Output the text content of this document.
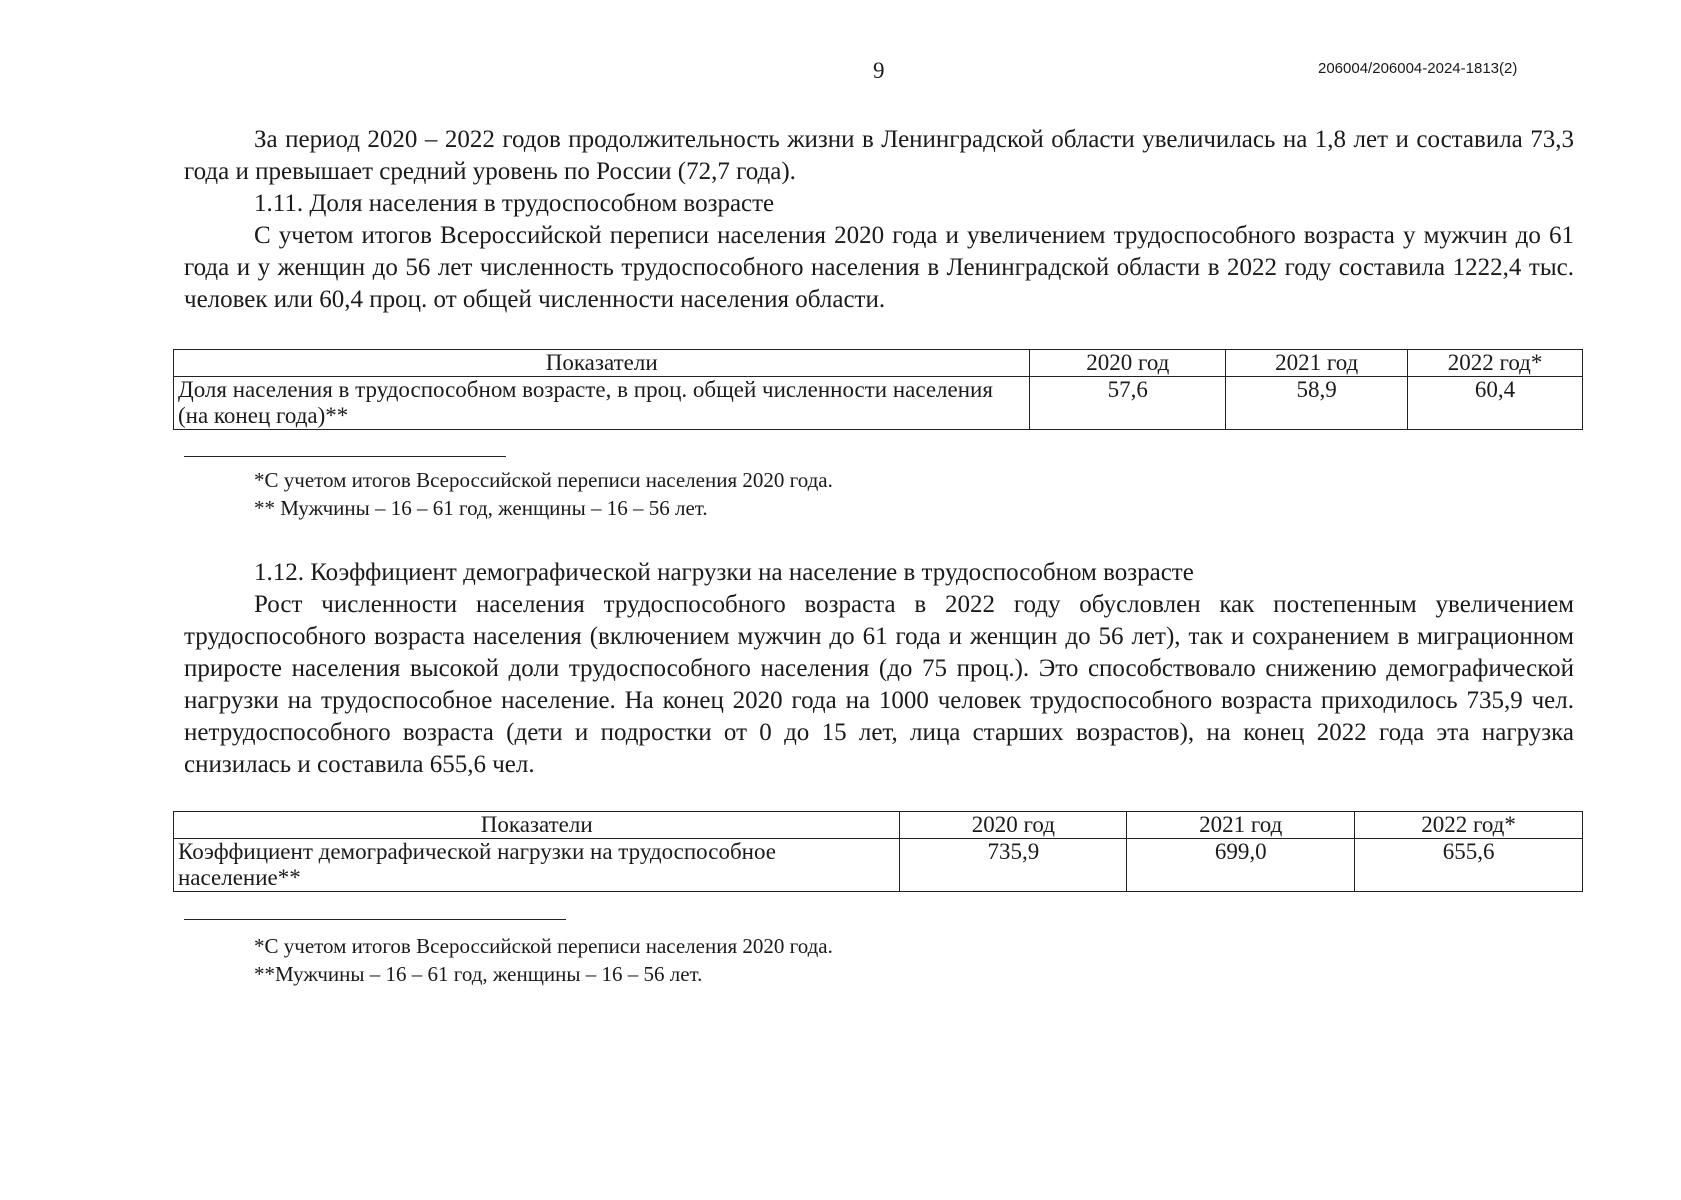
9	206004/206004-2024-1813(2)

За период 2020 – 2022 годов продолжительность жизни в Ленинградской области увеличилась на 1,8 лет и составила 73,3 года и превышает средний уровень по России (72,7 года).

1.11. Доля населения в трудоспособном возрасте

С учетом итогов Всероссийской переписи населения 2020 года и увеличением трудоспособного возраста у мужчин до 61 года и у женщин до 56 лет численность трудоспособного населения в Ленинградской области в 2022 году составила 1222,4 тыс. человек или 60,4 проц. от общей численности населения области.

Показатели	2020 год	2021 год	2022 год*
Доля населения в трудоспособном возрасте, в проц. общей численности населения (на конец года)**	57,6	58,9	60,4

*С учетом итогов Всероссийской переписи населения 2020 года.

** Мужчины – 16 – 61 год, женщины – 16 – 56 лет.

1.12. Коэффициент демографической нагрузки на население в трудоспособном возрасте

Рост численности населения трудоспособного возраста в 2022 году обусловлен как постепенным увеличением трудоспособного возраста населения (включением мужчин до 61 года и женщин до 56 лет), так и сохранением в миграционном приросте населения высокой доли трудоспособного населения (до 75 проц.). Это способствовало снижению демографической нагрузки на трудоспособное население. На конец 2020 года на 1000 человек трудоспособного возраста приходилось 735,9 чел. нетрудоспособного возраста (дети и подростки от 0 до 15 лет, лица старших возрастов), на конец 2022 года эта нагрузка снизилась и составила 655,6 чел.

Показатели	2020 год	2021 год	2022 год*
Коэффициент демографической нагрузки на трудоспособное население**	735,9	699,0	655,6

*С учетом итогов Всероссийской переписи населения 2020 года.

**Мужчины – 16 – 61 год, женщины – 16 – 56 лет.
